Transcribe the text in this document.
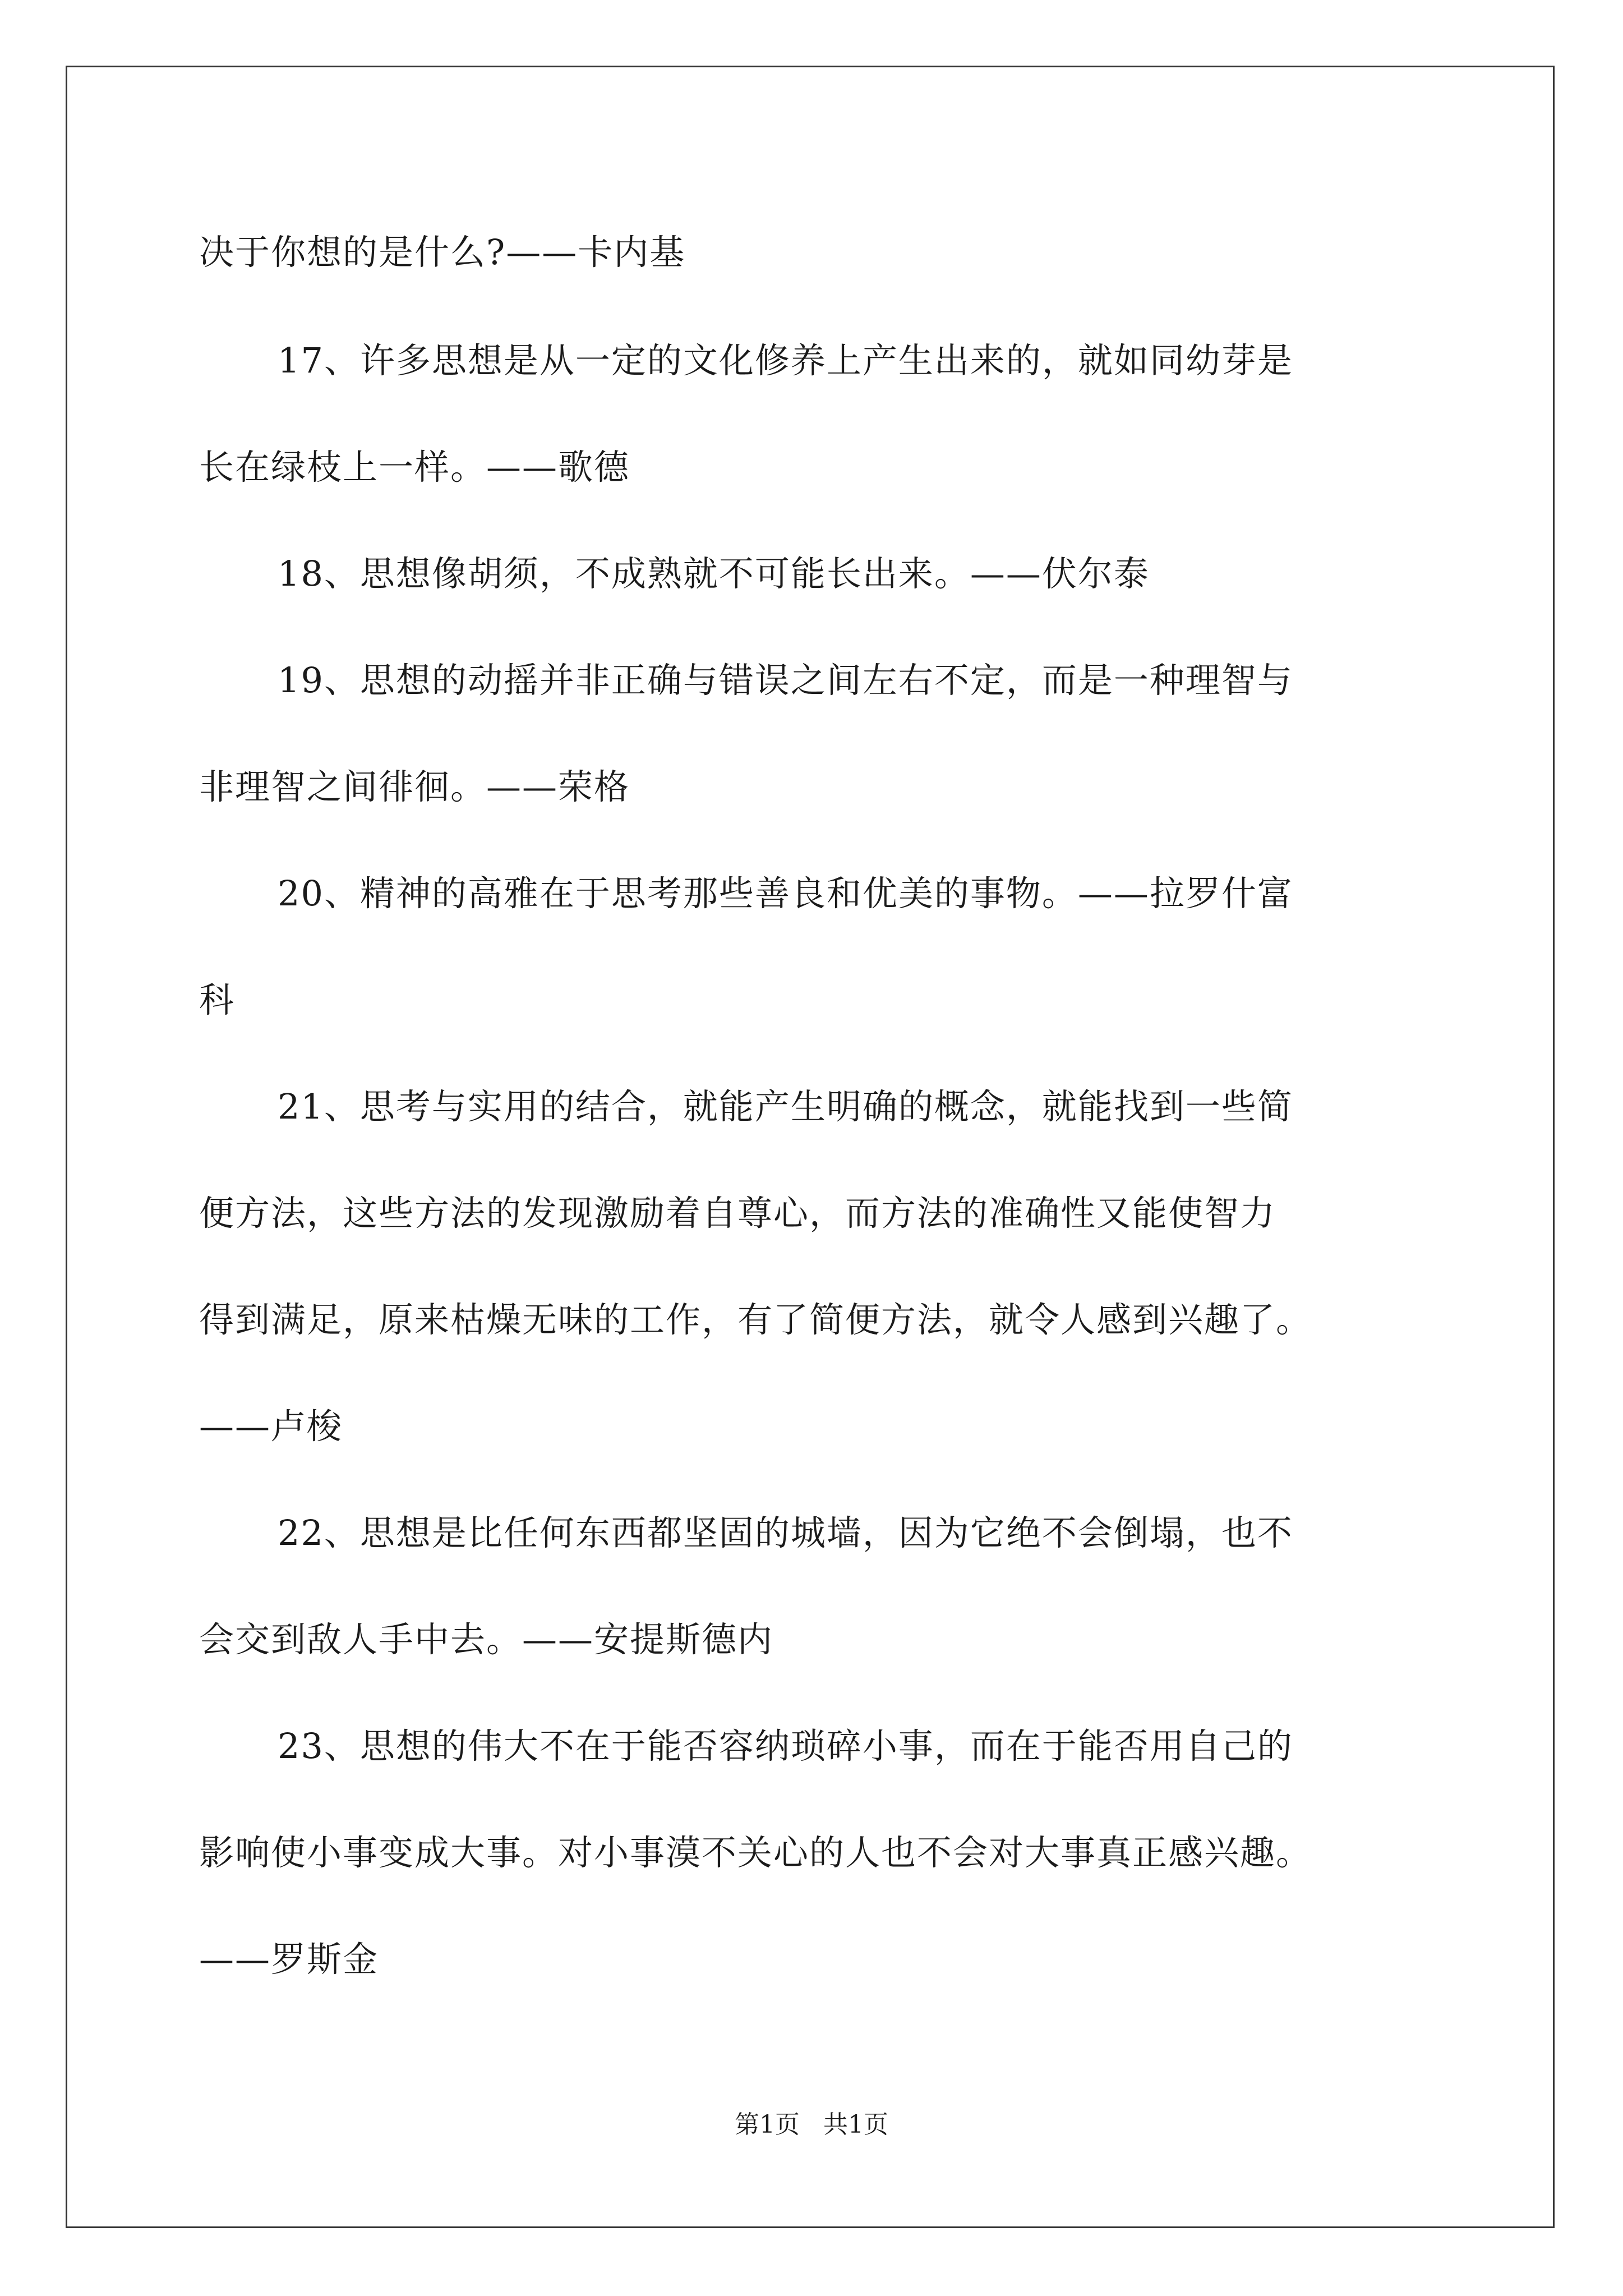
决于你想的是什么?——卡内基
17、许多思想是从一定的文化修养上产生出来的，就如同幼芽是
长在绿枝上一样。——歌德
18、思想像胡须，不成熟就不可能长出来。——伏尔泰
19、思想的动摇并非正确与错误之间左右不定，而是一种理智与
非理智之间徘徊。——荣格
20、精神的高雅在于思考那些善良和优美的事物。——拉罗什富
科
21、思考与实用的结合，就能产生明确的概念，就能找到一些简
便方法，这些方法的发现激励着自尊心，而方法的准确性又能使智力
得到满足，原来枯燥无味的工作，有了简便方法，就令人感到兴趣了。
——卢梭
22、思想是比任何东西都坚固的城墙，因为它绝不会倒塌，也不
会交到敌人手中去。——安提斯德内
23、思想的伟大不在于能否容纳琐碎小事，而在于能否用自己的
影响使小事变成大事。对小事漠不关心的人也不会对大事真正感兴趣。
——罗斯金
第1页   共1页
